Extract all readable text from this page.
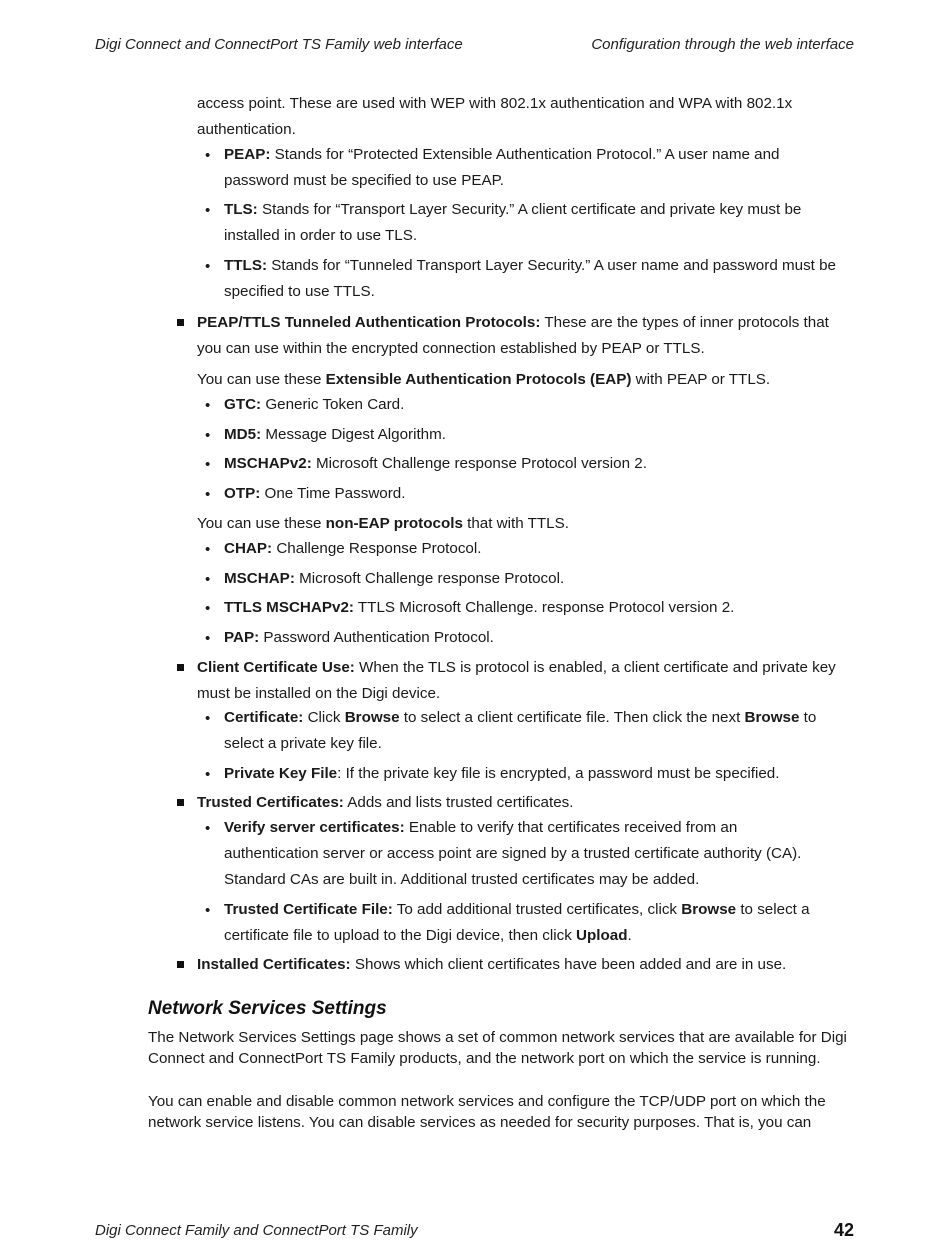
Digi Connect and ConnectPort TS Family web interface	Configuration through the web interface
access point. These are used with WEP with 802.1x authentication and WPA with 802.1x
authentication.
• PEAP: Stands for “Protected Extensible Authentication Protocol.” A user name and
password must be specified to use PEAP.
• TLS: Stands for “Transport Layer Security.” A client certificate and private key must be
installed in order to use TLS.
• TTLS: Stands for “Tunneled Transport Layer Security.” A user name and password must be
specified to use TTLS.
PEAP/TTLS Tunneled Authentication Protocols: These are the types of inner protocols that
you can use within the encrypted connection established by PEAP or TTLS.
You can use these Extensible Authentication Protocols (EAP) with PEAP or TTLS.
• GTC: Generic Token Card.
• MD5: Message Digest Algorithm.
• MSCHAPv2: Microsoft Challenge response Protocol version 2.
• OTP: One Time Password.
You can use these non-EAP protocols that with TTLS.
• CHAP: Challenge Response Protocol.
• MSCHAP: Microsoft Challenge response Protocol.
• TTLS MSCHAPv2: TTLS Microsoft Challenge. response Protocol version 2.
• PAP: Password Authentication Protocol.
Client Certificate Use: When the TLS is protocol is enabled, a client certificate and private key
must be installed on the Digi device.
• Certificate: Click Browse to select a client certificate file. Then click the next Browse to
select a private key file.
• Private Key File: If the private key file is encrypted, a password must be specified.
Trusted Certificates: Adds and lists trusted certificates.
• Verify server certificates: Enable to verify that certificates received from an
authentication server or access point are signed by a trusted certificate authority (CA).
Standard CAs are built in. Additional trusted certificates may be added.
• Trusted Certificate File: To add additional trusted certificates, click Browse to select a
certificate file to upload to the Digi device, then click Upload.
Installed Certificates: Shows which client certificates have been added and are in use.
Network Services Settings
The Network Services Settings page shows a set of common network services that are available for Digi Connect and ConnectPort TS Family products, and the network port on which the service is running.
You can enable and disable common network services and configure the TCP/UDP port on which the network service listens. You can disable services as needed for security purposes. That is, you can
Digi Connect Family and ConnectPort TS Family	42
